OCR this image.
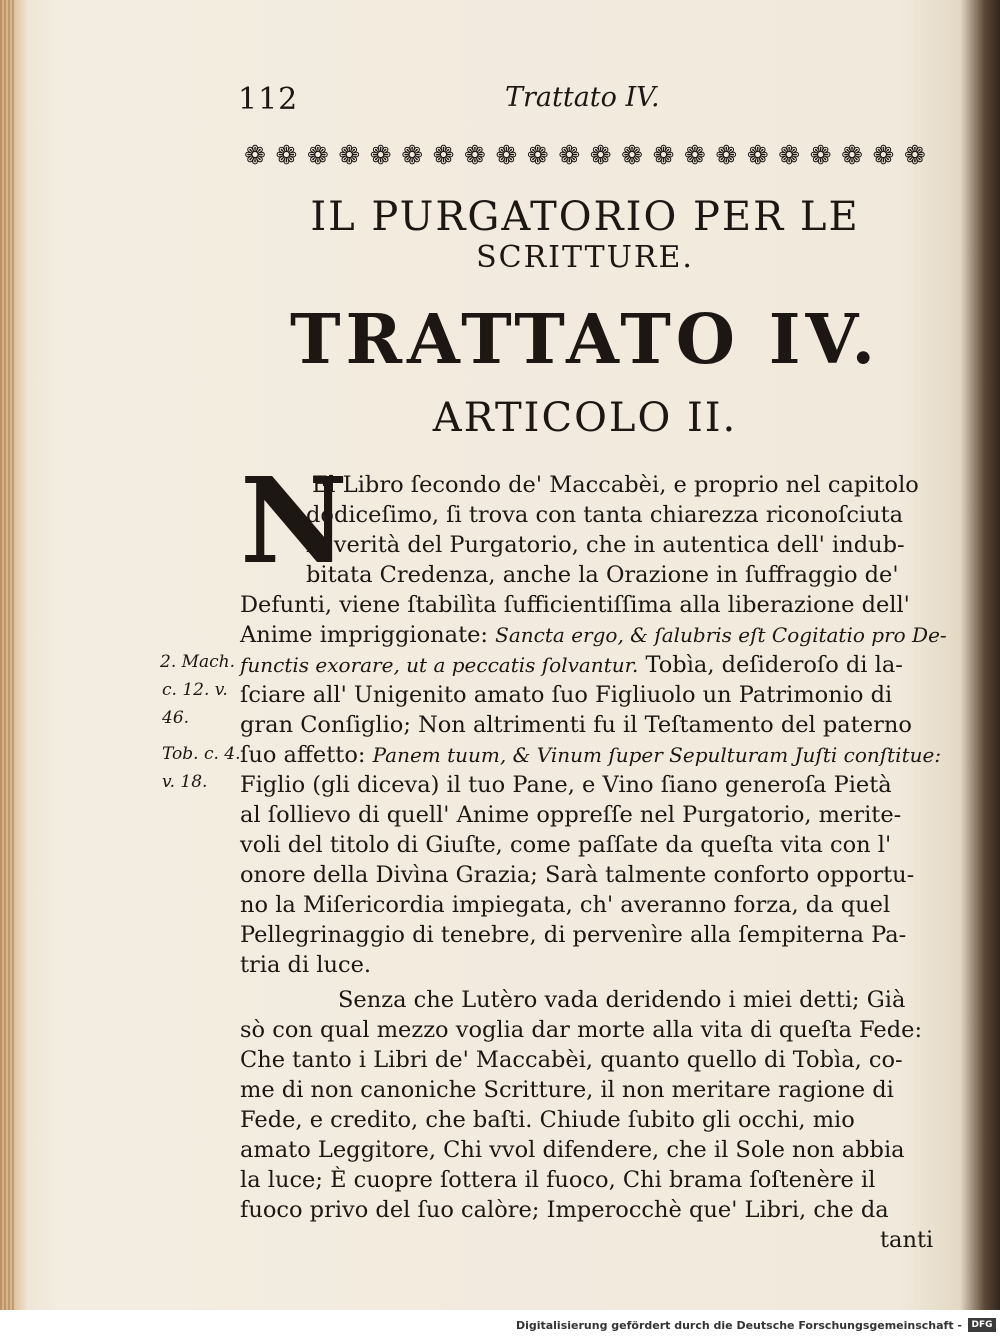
112	Trattato IV.
❁ ❁ ❁ ❁ ❁ ❁ ❁ ❁ ❁ ❁ ❁ ❁ ❁ ❁ ❁ ❁ ❁ ❁ ❁ ❁ ❁ ❁
IL PURGATORIO PER LE
SCRITTURE.
TRATTATO IV.
ARTICOLO II.
N
El Libro ſecondo de' Maccabèi, e proprio nel capitolo
dodiceſimo, ſi trova con tanta chiarezza riconoſciuta
la verità del Purgatorio, che in autentica dell' indub-
bitata Credenza, anche la Orazione in ſuffraggio de'
Defunti, viene ſtabilìta ſufficientiſſima alla liberazione dell'
Anime impriggionate: Sancta ergo, & ſalubris eſt Cogitatio pro De-
functis exorare, ut a peccatis ſolvantur. Tobìa, deſideroſo di la-
ſciare all' Unigenito amato ſuo Figliuolo un Patrimonio di
gran Conſiglio; Non altrimenti fu il Teſtamento del paterno
ſuo affetto: Panem tuum, & Vinum ſuper Sepulturam Juſti conſtitue:
Figlio (gli diceva) il tuo Pane, e Vino ſiano generoſa Pietà
al ſollievo di quell' Anime oppreſſe nel Purgatorio, merite-
voli del titolo di Giuſte, come paſſate da queſta vita con l'
onore della Divìna Grazia; Sarà talmente conforto opportu-
no la Miſericordia impiegata, ch' averanno forza, da quel
Pellegrinaggio di tenebre, di pervenìre alla ſempiterna Pa-
tria di luce.
Senza che Lutèro vada deridendo i miei detti; Già
sò con qual mezzo voglia dar morte alla vita di queſta Fede:
Che tanto i Libri de' Maccabèi, quanto quello di Tobìa, co-
me di non canoniche Scritture, il non meritare ragione di
Fede, e credito, che baſti. Chiude ſubito gli occhi, mio
amato Leggitore, Chi vvol difendere, che il Sole non abbia
la luce; È cuopre ſottera il fuoco, Chi brama ſoſtenère il
fuoco privo del ſuo calòre; Imperocchè que' Libri, che da
tanti
2. Mach.
c. 12. v.
46.
Tob. c. 4.
v. 18.
Digitalisierung gefördert durch die Deutsche Forschungsgemeinschaft -	DFG
